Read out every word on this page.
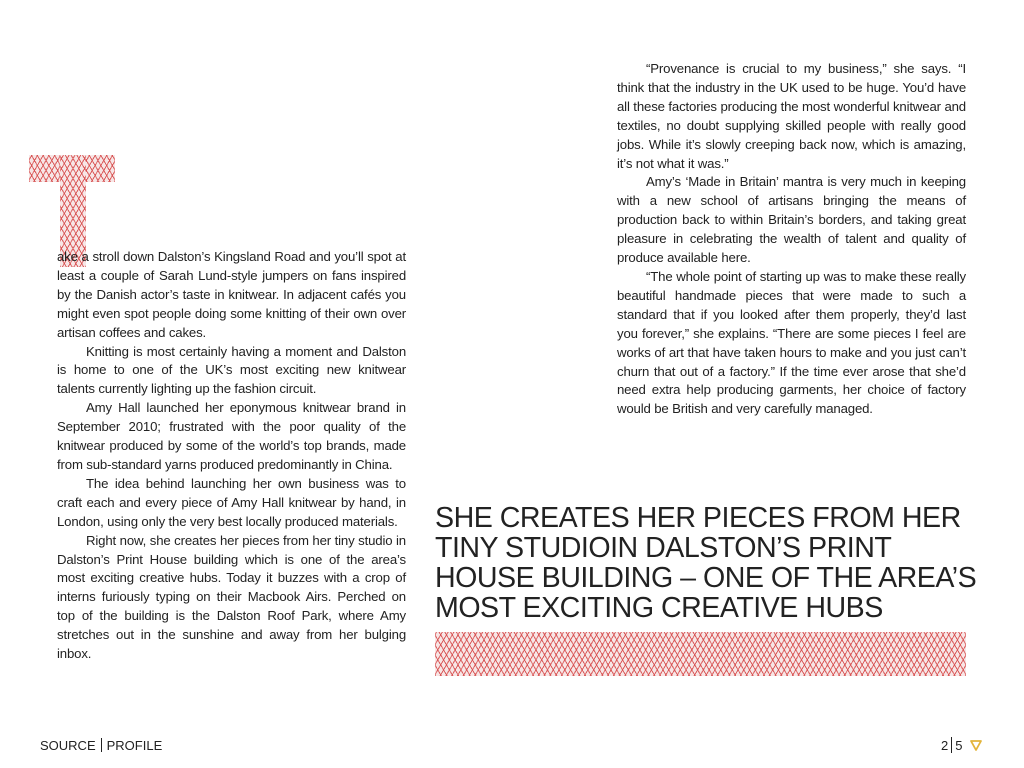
ake a stroll down Dalston’s Kingsland Road and you’ll spot at least a couple of Sarah Lund-style jumpers on fans inspired by the Danish actor’s taste in knitwear. In adjacent cafés you might even spot people doing some knitting of their own over artisan coffees and cakes.

Knitting is most certainly having a moment and Dalston is home to one of the UK’s most exciting new knitwear talents currently lighting up the fashion circuit.

Amy Hall launched her eponymous knitwear brand in September 2010; frustrated with the poor quality of the knitwear produced by some of the world’s top brands, made from sub-standard yarns produced predominantly in China.

The idea behind launching her own business was to craft each and every piece of Amy Hall knitwear by hand, in London, using only the very best locally produced materials.

Right now, she creates her pieces from her tiny studio in Dalston’s Print House building which is one of the area’s most exciting creative hubs. Today it buzzes with a crop of interns furiously typing on their Macbook Airs. Perched on top of the building is the Dalston Roof Park, where Amy stretches out in the sunshine and away from her bulging inbox.

“Provenance is crucial to my business,” she says. “I think that the industry in the UK used to be huge. You’d have all these factories producing the most wonderful knitwear and textiles, no doubt supplying skilled people with really good jobs. While it’s slowly creeping back now, which is amazing, it’s not what it was.”

Amy’s ‘Made in Britain’ mantra is very much in keeping with a new school of artisans bringing the means of production back to within Britain’s borders, and taking great pleasure in celebrating the wealth of talent and quality of produce available here.

“The whole point of starting up was to make these really beautiful handmade pieces that were made to such a standard that if you looked after them properly, they’d last you forever,” she explains. “There are some pieces I feel are works of art that have taken hours to make and you just can’t churn that out of a factory.” If the time ever arose that she’d need extra help producing garments, her choice of factory would be British and very carefully managed.

SHE CREATES HER PIECES FROM HER TINY STUDIOIN DALSTON’S PRINT HOUSE BUILDING – ONE OF THE AREA’S MOST EXCITING CREATIVE HUBS
SOURCE PROFILE	2 5
